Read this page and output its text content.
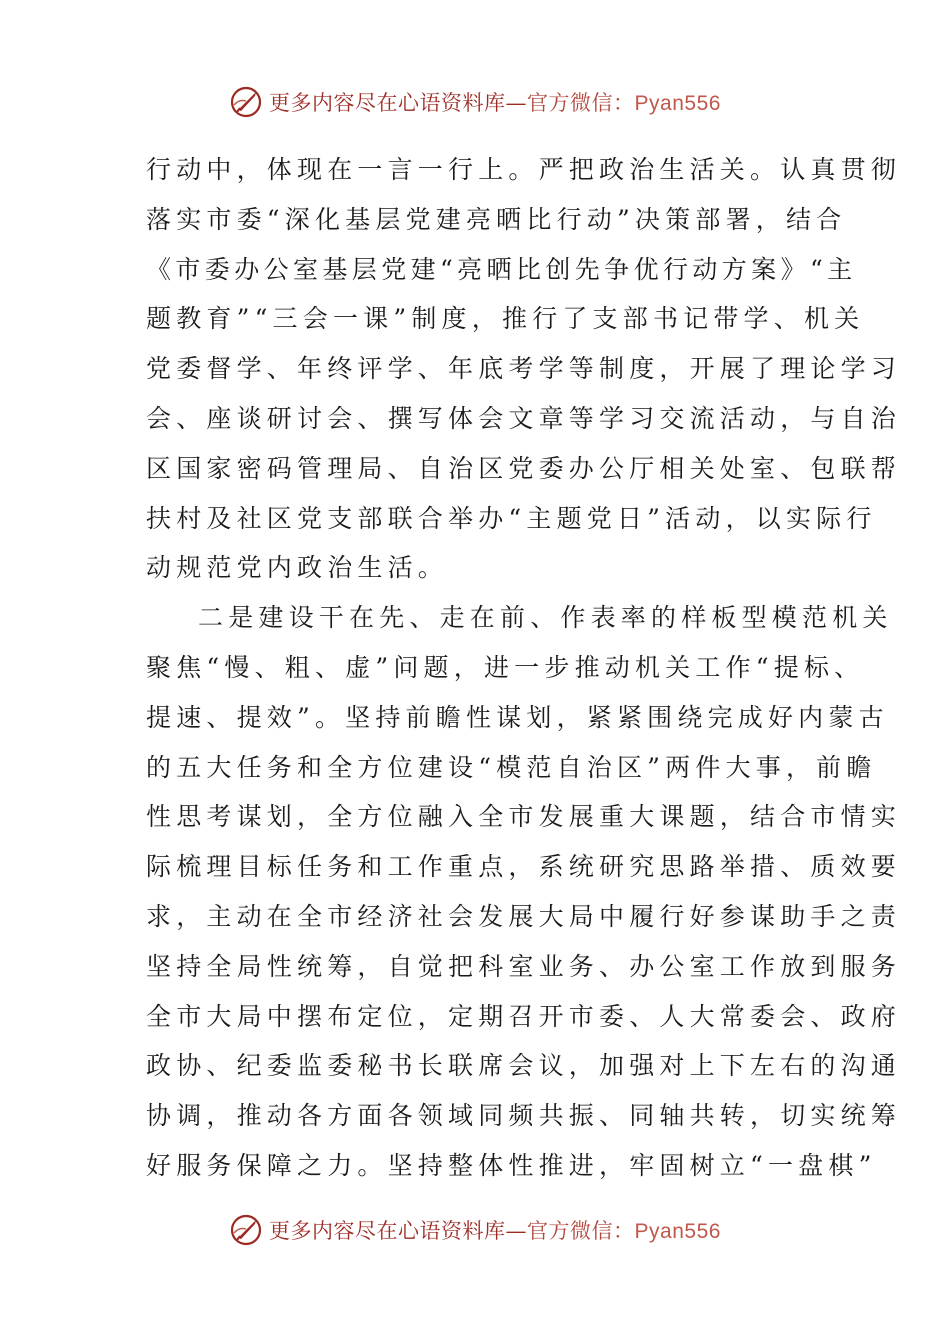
更多内容尽在心语资料库—官方微信：Pyan556
行动中，体现在一言一行上。严把政治生活关。认真贯彻
落实市委“深化基层党建亮晒比行动”决策部署，结合
《市委办公室基层党建“亮晒比创先争优行动方案》“主
题教育”“三会一课”制度，推行了支部书记带学、机关
党委督学、年终评学、年底考学等制度，开展了理论学习
会、座谈研讨会、撰写体会文章等学习交流活动，与自治
区国家密码管理局、自治区党委办公厅相关处室、包联帮
扶村及社区党支部联合举办“主题党日”活动，以实际行
动规范党内政治生活。
二是建设干在先、走在前、作表率的样板型模范机关
聚焦“慢、粗、虚”问题，进一步推动机关工作“提标、
提速、提效”。坚持前瞻性谋划，紧紧围绕完成好内蒙古
的五大任务和全方位建设“模范自治区”两件大事，前瞻
性思考谋划，全方位融入全市发展重大课题，结合市情实
际梳理目标任务和工作重点，系统研究思路举措、质效要
求，主动在全市经济社会发展大局中履行好参谋助手之责
坚持全局性统筹，自觉把科室业务、办公室工作放到服务
全市大局中摆布定位，定期召开市委、人大常委会、政府
政协、纪委监委秘书长联席会议，加强对上下左右的沟通
协调，推动各方面各领域同频共振、同轴共转，切实统筹
好服务保障之力。坚持整体性推进，牢固树立“一盘棋”
更多内容尽在心语资料库—官方微信：Pyan556
